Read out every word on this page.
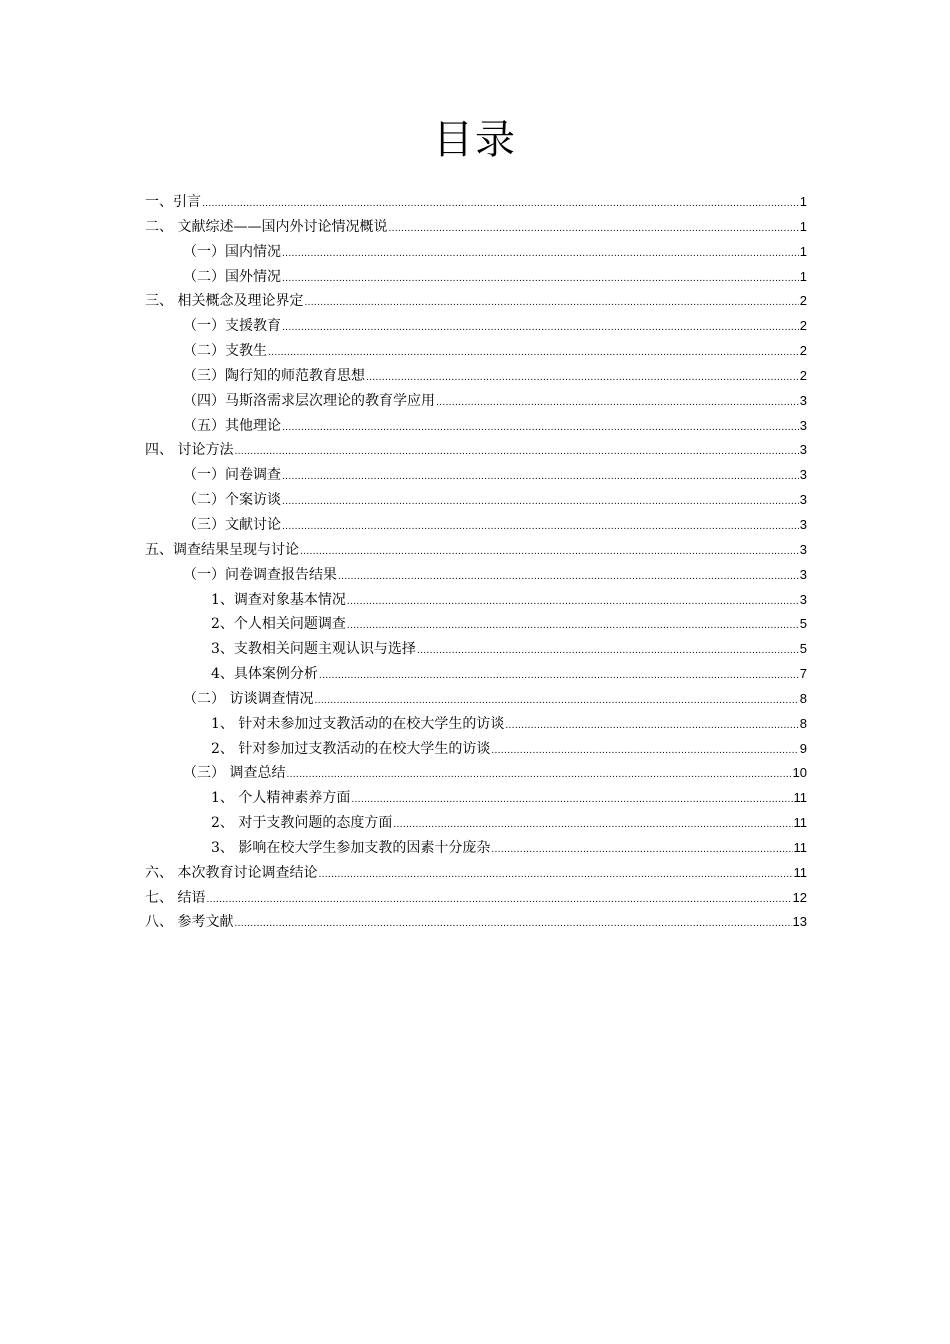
目录
一、引言 .....	1
二、 文献综述——国内外讨论情况概说 .....	1
（一）国内情况 .....	1
（二）国外情况 .....	1
三、 相关概念及理论界定 .....	2
（一）支援教育 .....	2
（二）支教生 .....	2
（三）陶行知的师范教育思想 .....	2
（四）马斯洛需求层次理论的教育学应用 .....	3
（五）其他理论 .....	3
四、 讨论方法 .....	3
（一）问卷调查 .....	3
（二）个案访谈 .....	3
（三）文献讨论 .....	3
五、调查结果呈现与讨论 .....	3
（一）问卷调查报告结果 .....	3
1、调查对象基本情况 .....	3
2、个人相关问题调查 .....	5
3、支教相关问题主观认识与选择 .....	5
4、具体案例分析 .....	7
（二） 访谈调查情况 .....	8
1、 针对未参加过支教活动的在校大学生的访谈 .....	8
2、 针对参加过支教活动的在校大学生的访谈 .....	9
（三） 调查总结 .....	10
1、 个人精神素养方面 .....	11
2、 对于支教问题的态度方面 .....	11
3、 影响在校大学生参加支教的因素十分庞杂 .....	11
六、 本次教育讨论调查结论 .....	11
七、 结语 .....	12
八、 参考文献 .....	13
